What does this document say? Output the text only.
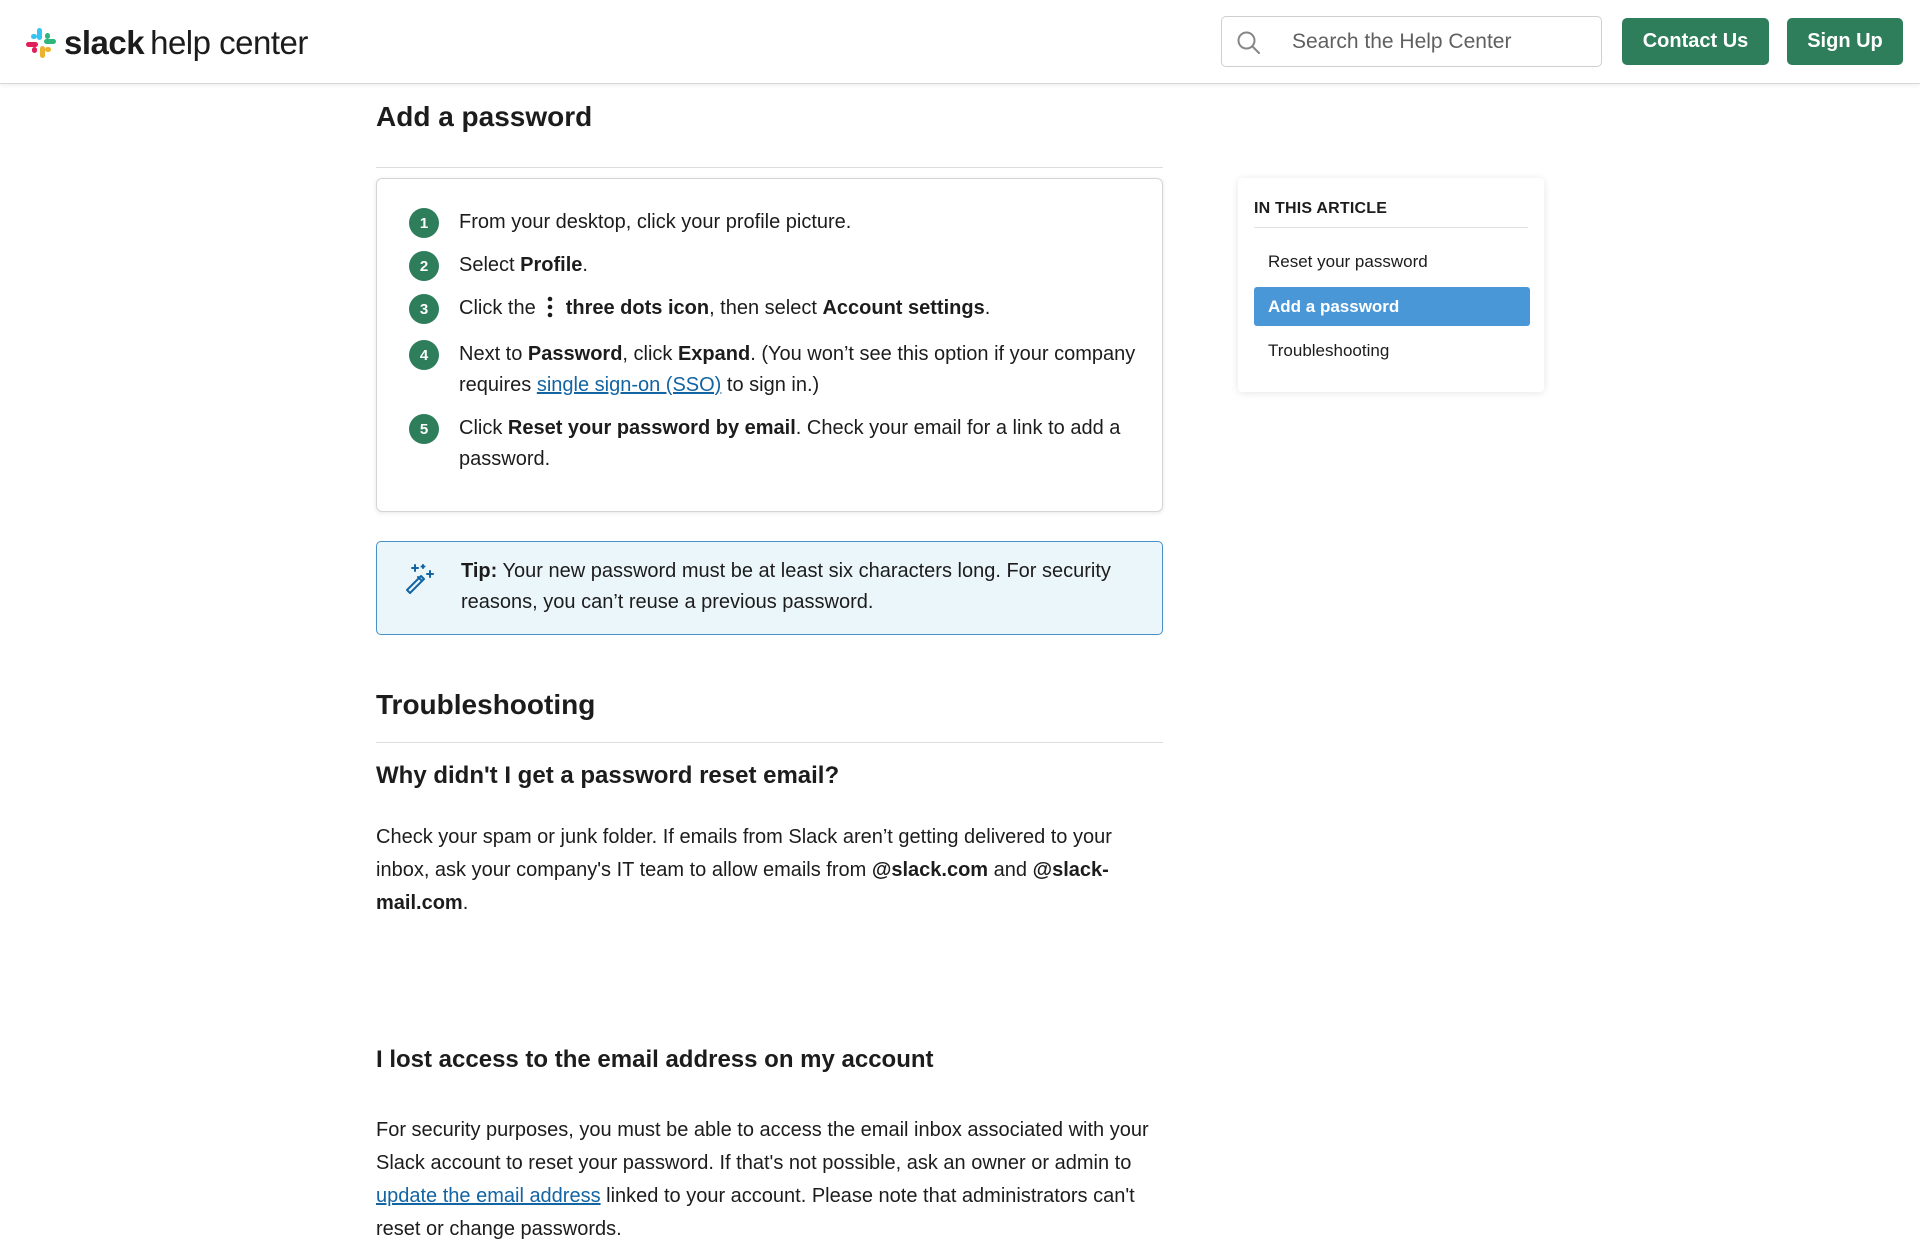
slack help center
Search the Help Center	Contact Us	Sign Up
Add a password
1	From your desktop, click your profile picture.
2	Select Profile.
3	Click the three dots icon, then select Account settings.
4	Next to Password, click Expand. (You won’t see this option if your company requires single sign-on (SSO) to sign in.)
5	Click Reset your password by email. Check your email for a link to add a password.
Tip: Your new password must be at least six characters long. For security reasons, you can’t reuse a previous password.
Troubleshooting
Why didn't I get a password reset email?

Check your spam or junk folder. If emails from Slack aren’t getting delivered to your inbox, ask your company's IT team to allow emails from @slack.com and @slack-mail.com.

I lost access to the email address on my account

For security purposes, you must be able to access the email inbox associated with your Slack account to reset your password. If that's not possible, ask an owner or admin to update the email address linked to your account. Please note that administrators can't reset or change passwords.

IN THIS ARTICLE
Reset your password
Add a password
Troubleshooting
